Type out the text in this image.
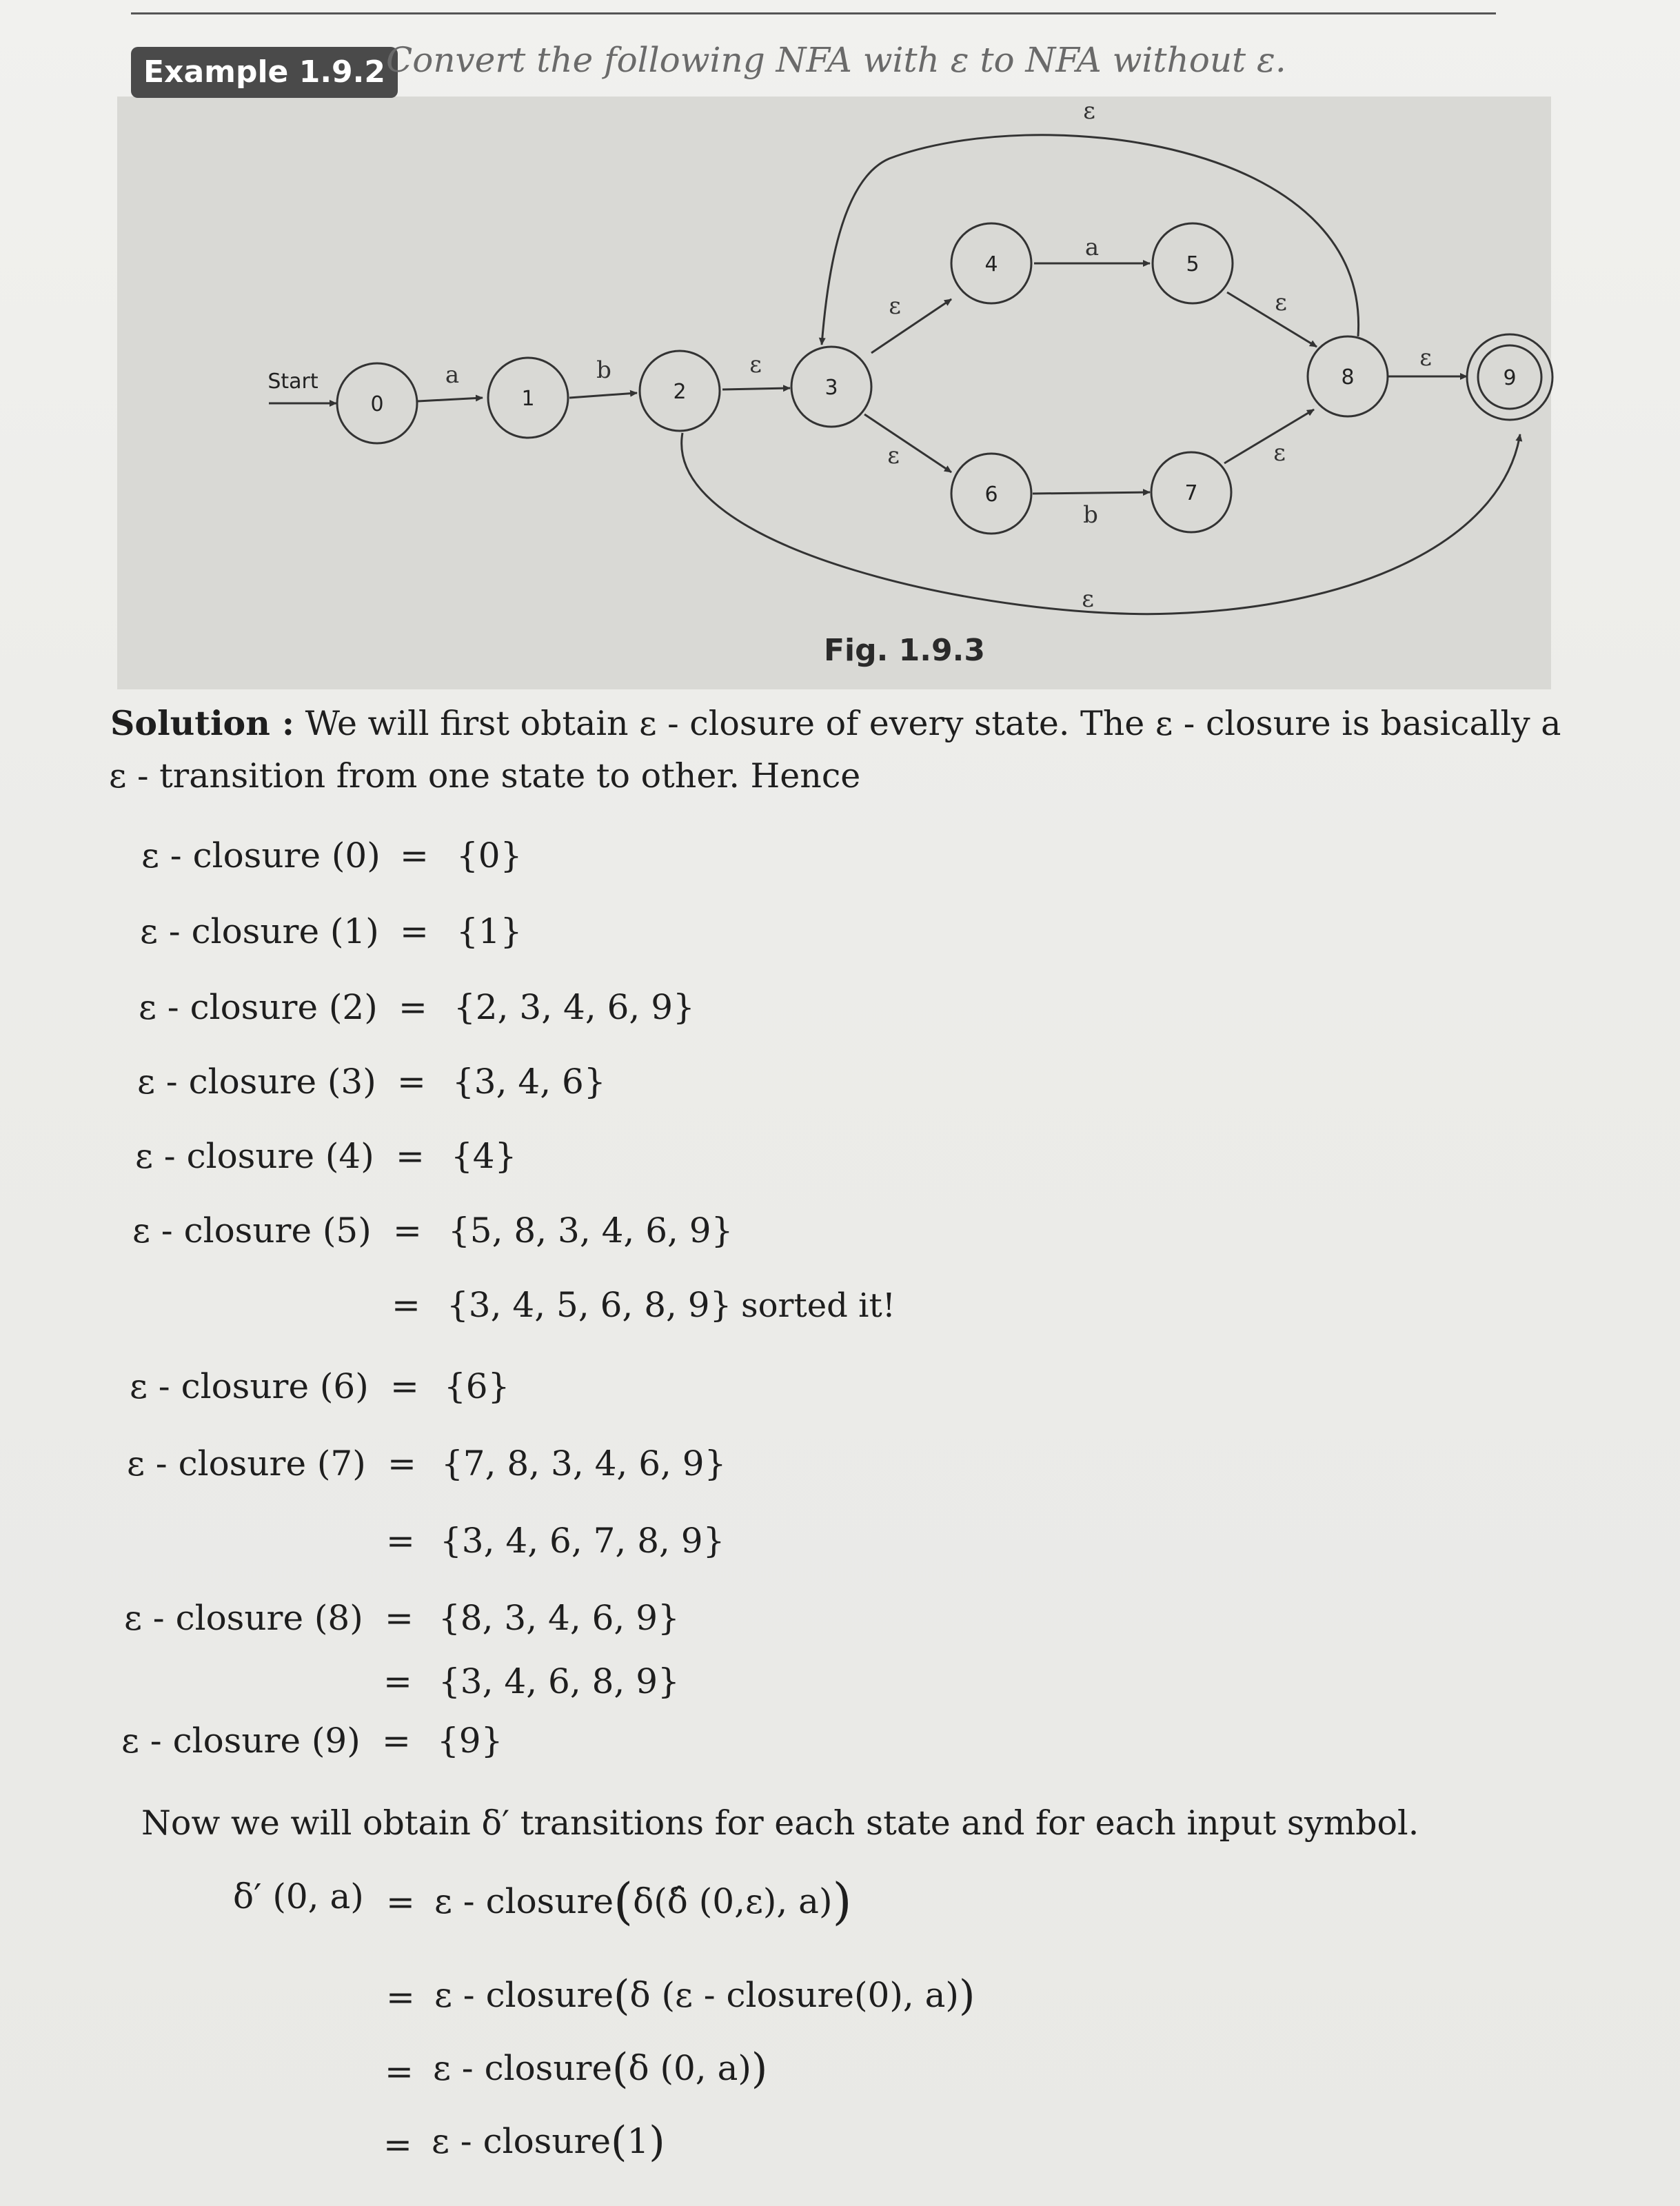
Example 1.9.2 Convert the following NFA with ε to NFA without ε.
Start
0	1	2	3
4	5
6	7
8	9
a	b	ε
ε
ε
a
b
ε
ε
ε
ε
ε
Fig. 1.9.3
Solution : We will first obtain ε - closure of every state. The ε - closure is basically a
ε - transition from one state to other. Hence
ε - closure (0) = {0}
ε - closure (1) = {1}
ε - closure (2) = {2, 3, 4, 6, 9}
ε - closure (3) = {3, 4, 6}
ε - closure (4) = {4}
ε - closure (5) = {5, 8, 3, 4, 6, 9}
= {3, 4, 5, 6, 8, 9} sorted it!
ε - closure (6) = {6}
ε - closure (7) = {7, 8, 3, 4, 6, 9}
= {3, 4, 6, 7, 8, 9}
ε - closure (8) = {8, 3, 4, 6, 9}
= {3, 4, 6, 8, 9}
ε - closure (9) = {9}
Now we will obtain δ′ transitions for each state and for each input symbol.
δ′ (0, a) = ε - closure(δ(δ̂ (0,ε), a))
= ε - closure(δ (ε - closure(0), a))
= ε - closure(δ (0, a))
= ε - closure(1)
